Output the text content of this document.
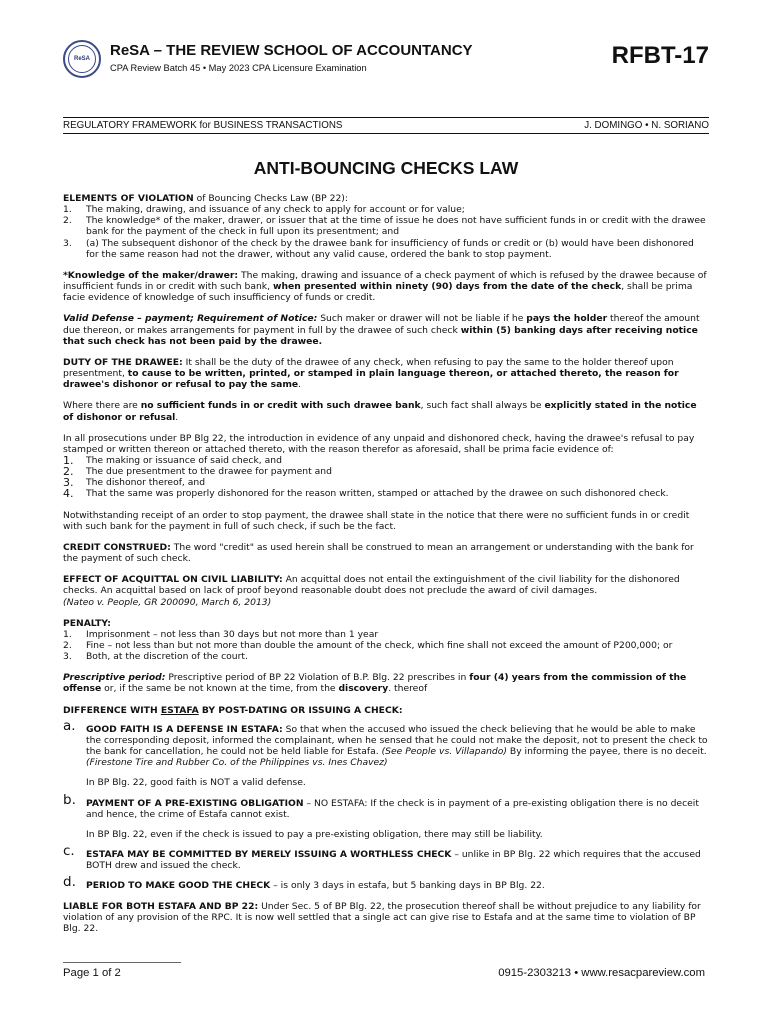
ReSA	ReSA – THE REVIEW SCHOOL OF ACCOUNTANCY
CPA Review Batch 45 • May 2023 CPA Licensure Examination	RFBT-17
REGULATORY FRAMEWORK for BUSINESS TRANSACTIONS	J. DOMINGO • N. SORIANO
ANTI-BOUNCING CHECKS LAW

ELEMENTS OF VIOLATION of Bouncing Checks Law (BP 22):

1. The making, drawing, and issuance of any check to apply for account or for value;
2. The knowledge* of the maker, drawer, or issuer that at the time of issue he does not have sufficient funds in or credit with the drawee bank for the payment of the check in full upon its presentment; and
3. (a) The subsequent dishonor of the check by the drawee bank for insufficiency of funds or credit or (b) would have been dishonored for the same reason had not the drawer, without any valid cause, ordered the bank to stop payment.

*Knowledge of the maker/drawer: The making, drawing and issuance of a check payment of which is refused by the drawee because of insufficient funds in or credit with such bank, when presented within ninety (90) days from the date of the check, shall be prima facie evidence of knowledge of such insufficiency of funds or credit.

Valid Defense – payment; Requirement of Notice: Such maker or drawer will not be liable if he pays the holder thereof the amount due thereon, or makes arrangements for payment in full by the drawee of such check within (5) banking days after receiving notice that such check has not been paid by the drawee.

DUTY OF THE DRAWEE: It shall be the duty of the drawee of any check, when refusing to pay the same to the holder thereof upon presentment, to cause to be written, printed, or stamped in plain language thereon, or attached thereto, the reason for drawee's dishonor or refusal to pay the same.

Where there are no sufficient funds in or credit with such drawee bank, such fact shall always be explicitly stated in the notice of dishonor or refusal.

In all prosecutions under BP Blg 22, the introduction in evidence of any unpaid and dishonored check, having the drawee's refusal to pay stamped or written thereon or attached thereto, with the reason therefor as aforesaid, shall be prima facie evidence of:

1. The making or issuance of said check, and
2. The due presentment to the drawee for payment and
3. The dishonor thereof, and
4. That the same was properly dishonored for the reason written, stamped or attached by the drawee on such dishonored check.

Notwithstanding receipt of an order to stop payment, the drawee shall state in the notice that there were no sufficient funds in or credit with such bank for the payment in full of such check, if such be the fact.

CREDIT CONSTRUED: The word "credit" as used herein shall be construed to mean an arrangement or understanding with the bank for the payment of such check.

EFFECT OF ACQUITTAL ON CIVIL LIABILITY: An acquittal does not entail the extinguishment of the civil liability for the dishonored checks. An acquittal based on lack of proof beyond reasonable doubt does not preclude the award of civil damages.
(Nateo v. People, GR 200090, March 6, 2013)

PENALTY:

1. Imprisonment – not less than 30 days but not more than 1 year
2. Fine – not less than but not more than double the amount of the check, which fine shall not exceed the amount of P200,000; or
3. Both, at the discretion of the court.

Prescriptive period: Prescriptive period of BP 22 Violation of B.P. Blg. 22 prescribes in four (4) years from the commission of the offense or, if the same be not known at the time, from the discovery. thereof

DIFFERENCE WITH ESTAFA BY POST-DATING OR ISSUING A CHECK:

a. GOOD FAITH IS A DEFENSE IN ESTAFA: So that when the accused who issued the check believing that he would be able to make the corresponding deposit, informed the complainant, when he sensed that he could not make the deposit, not to present the check to the bank for cancellation, he could not be held liable for Estafa. (See People vs. Villapando) By informing the payee, there is no deceit. (Firestone Tire and Rubber Co. of the Philippines vs. Ines Chavez)

In BP Blg. 22, good faith is NOT a valid defense.

b. PAYMENT OF A PRE-EXISTING OBLIGATION – NO ESTAFA: If the check is in payment of a pre-existing obligation there is no deceit and hence, the crime of Estafa cannot exist.

In BP Blg. 22, even if the check is issued to pay a pre-existing obligation, there may still be liability.

c. ESTAFA MAY BE COMMITTED BY MERELY ISSUING A WORTHLESS CHECK – unlike in BP Blg. 22 which requires that the accused BOTH drew and issued the check.
d. PERIOD TO MAKE GOOD THE CHECK – is only 3 days in estafa, but 5 banking days in BP Blg. 22.

LIABLE FOR BOTH ESTAFA AND BP 22: Under Sec. 5 of BP Blg. 22, the prosecution thereof shall be without prejudice to any liability for violation of any provision of the RPC. It is now well settled that a single act can give rise to Estafa and at the same time to violation of BP Blg. 22.

Page 1 of 2	0915-2303213 • www.resacpareview.com
